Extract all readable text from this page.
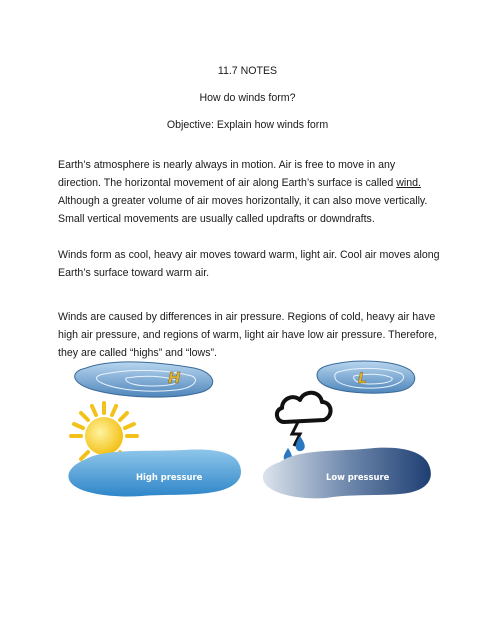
11.7 NOTES
How do winds form?
Objective: Explain how winds form
Earth’s atmosphere is nearly always in motion. Air is free to move in any
direction. The horizontal movement of air along Earth’s surface is called wind.
Although a greater volume of air moves horizontally, it can also move vertically.
Small vertical movements are usually called updrafts or downdrafts.
Winds form as cool, heavy air moves toward warm, light air. Cool air moves along
Earth’s surface toward warm air.
Winds are caused by differences in air pressure. Regions of cold, heavy air have
high air pressure, and regions of warm, light air have low air pressure. Therefore,
they are called “highs” and “lows”.
H	L
High pressure	Low pressure
